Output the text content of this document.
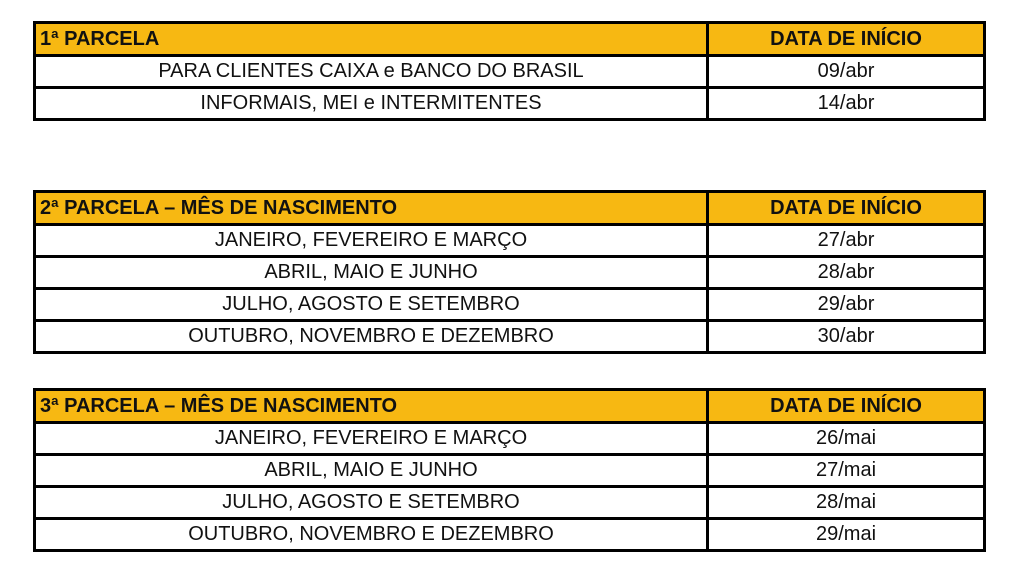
1ª PARCELA	DATA DE INÍCIO
PARA CLIENTES CAIXA e BANCO DO BRASIL	09/abr
INFORMAIS, MEI e INTERMITENTES	14/abr
2ª PARCELA – MÊS DE NASCIMENTO	DATA DE INÍCIO
JANEIRO, FEVEREIRO E MARÇO	27/abr
ABRIL, MAIO E JUNHO	28/abr
JULHO, AGOSTO E SETEMBRO	29/abr
OUTUBRO, NOVEMBRO E DEZEMBRO	30/abr
3ª PARCELA – MÊS DE NASCIMENTO	DATA DE INÍCIO
JANEIRO, FEVEREIRO E MARÇO	26/mai
ABRIL, MAIO E JUNHO	27/mai
JULHO, AGOSTO E SETEMBRO	28/mai
OUTUBRO, NOVEMBRO E DEZEMBRO	29/mai
